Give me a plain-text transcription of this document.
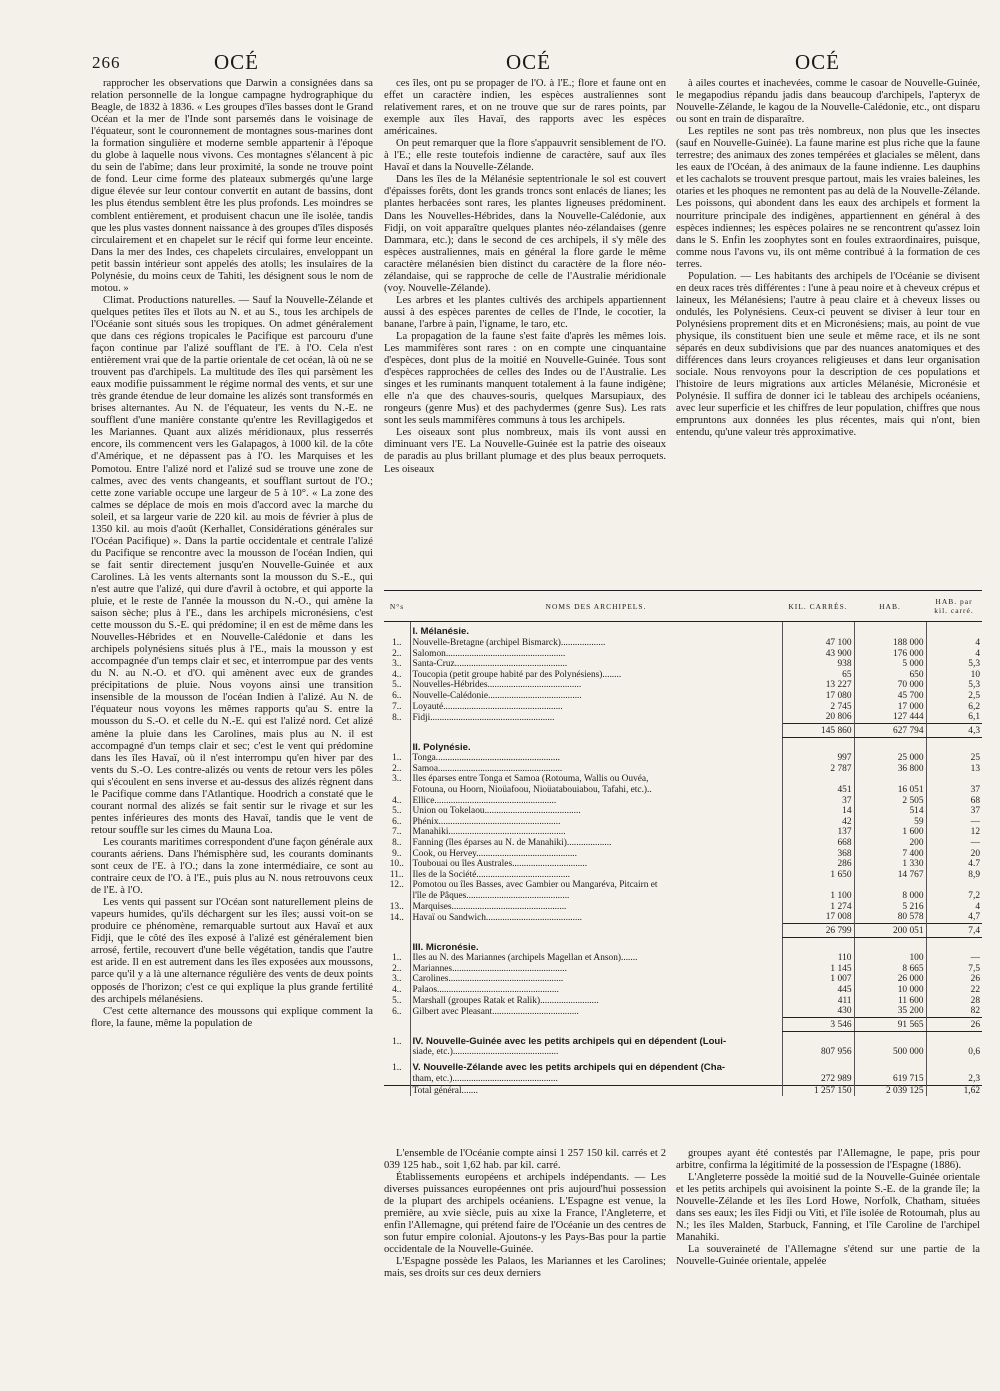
266	OCÉ	OCÉ	OCÉ

rapprocher les observations que Darwin a consignées dans sa relation personnelle de la longue campagne hydrographique du Beagle, de 1832 à 1836. « Les groupes d'îles basses dont le Grand Océan et la mer de l'Inde sont parsemés dans le voisinage de l'équateur, sont le couronnement de montagnes sous-marines dont la formation singulière et moderne semble appartenir à l'époque du globe à laquelle nous vivons. Ces montagnes s'élancent à pic du sein de l'abîme; dans leur proximité, la sonde ne trouve point de fond. Leur cime forme des plateaux submergés qu'une large digue élevée sur leur contour convertit en autant de bassins, dont les plus étendus semblent être les plus profonds. Les moindres se comblent entièrement, et produisent chacun une île isolée, tandis que les plus vastes donnent naissance à des groupes d'îles disposés circulairement et en chapelet sur le récif qui forme leur enceinte. Dans la mer des Indes, ces chapelets circulaires, enveloppant un petit bassin intérieur sont appelés des atolls; les insulaires de la Polynésie, du moins ceux de Tahiti, les désignent sous le nom de motou. »

Climat. Productions naturelles. — Sauf la Nouvelle-Zélande et quelques petites îles et îlots au N. et au S., tous les archipels de l'Océanie sont situés sous les tropiques. On admet généralement que dans ces régions tropicales le Pacifique est parcouru d'une façon continue par l'alizé soufflant de l'E. à l'O. Cela n'est entièrement vrai que de la partie orientale de cet océan, là où ne se trouvent pas d'archipels. La multitude des îles qui parsèment les eaux modifie puissamment le régime normal des vents, et sur une très grande étendue de leur domaine les alizés sont transformés en brises alternantes. Au N. de l'équateur, les vents du N.-E. ne soufflent d'une manière constante qu'entre les Revillagigedos et les Mariannes. Quant aux alizés méridionaux, plus resserrés encore, ils commencent vers les Galapagos, à 1000 kil. de la côte d'Amérique, et ne dépassent pas à l'O. les Marquises et les Pomotou. Entre l'alizé nord et l'alizé sud se trouve une zone de calmes, avec des vents changeants, et soufflant surtout de l'O.; cette zone variable occupe une largeur de 5 à 10°. « La zone des calmes se déplace de mois en mois d'accord avec la marche du soleil, et sa largeur varie de 220 kil. au mois de février à plus de 1350 kil. au mois d'août (Kerhallet, Considérations générales sur l'Océan Pacifique) ». Dans la partie occidentale et centrale l'alizé du Pacifique se rencontre avec la mousson de l'océan Indien, qui se fait sentir directement jusqu'en Nouvelle-Guinée et aux Carolines. Là les vents alternants sont la mousson du S.-E., qui n'est autre que l'alizé, qui dure d'avril à octobre, et qui apporte la pluie, et le reste de l'année la mousson du N.-O., qui amène la saison sèche; plus à l'E., dans les archipels micronésiens, c'est cette mousson du S.-E. qui prédomine; il en est de même dans les Nouvelles-Hébrides et en Nouvelle-Calédonie et dans les archipels polynésiens situés plus à l'E., mais la mousson y est accompagnée d'un temps clair et sec, et interrompue par des vents du N. au N.-O. et d'O. qui amènent avec eux de grandes précipitations de pluie. Nous voyons ainsi une transition insensible de la mousson de l'océan Indien à l'alizé. Au N. de l'équateur nous voyons les mêmes rapports qu'au S. entre la mousson du S.-O. et celle du N.-E. qui est l'alizé nord. Cet alizé amène la pluie dans les Carolines, mais plus au N. il est accompagné d'un temps clair et sec; c'est le vent qui prédomine dans les îles Havaï, où il n'est interrompu qu'en hiver par des vents du S.-O. Les contre-alizés ou vents de retour vers les pôles qui s'écoulent en sens inverse et au-dessus des alizés règnent dans le Pacifique comme dans l'Atlantique. Hoodrich a constaté que le courant normal des alizés se fait sentir sur le rivage et sur les pentes inférieures des monts des Havaï, tandis que le vent de retour souffle sur les cimes du Mauna Loa.

Les courants maritimes correspondent d'une façon générale aux courants aériens. Dans l'hémisphère sud, les courants dominants sont ceux de l'E. à l'O.; dans la zone intermédiaire, ce sont au contraire ceux de l'O. à l'E., puis plus au N. nous retrouvons ceux de l'E. à l'O.

Les vents qui passent sur l'Océan sont naturellement pleins de vapeurs humides, qu'ils déchargent sur les îles; aussi voit-on se produire ce phénomène, remarquable surtout aux Havaï et aux Fidji, que le côté des îles exposé à l'alizé est généralement bien arrosé, fertile, recouvert d'une belle végétation, tandis que l'autre est aride. Il en est autrement dans les îles exposées aux moussons, parce qu'il y a là une alternance régulière des vents de deux points opposés de l'horizon; c'est ce qui explique la plus grande fertilité des archipels mélanésiens.

C'est cette alternance des moussons qui explique comment la flore, la faune, même la population de

ces îles, ont pu se propager de l'O. à l'E.; flore et faune ont en effet un caractère indien, les espèces australiennes sont relativement rares, et on ne trouve que sur de rares points, par exemple aux îles Havaï, des rapports avec les espèces américaines.

On peut remarquer que la flore s'appauvrit sensiblement de l'O. à l'E.; elle reste toutefois indienne de caractère, sauf aux îles Havaï et dans la Nouvelle-Zélande.

Dans les îles de la Mélanésie septentrionale le sol est couvert d'épaisses forêts, dont les grands troncs sont enlacés de lianes; les plantes herbacées sont rares, les plantes ligneuses prédominent. Dans les Nouvelles-Hébrides, dans la Nouvelle-Calédonie, aux Fidji, on voit apparaître quelques plantes néo-zélandaises (genre Dammara, etc.); dans le second de ces archipels, il s'y mêle des espèces australiennes, mais en général la flore garde le même caractère mélanésien bien distinct du caractère de la flore néo-zélandaise, qui se rapproche de celle de l'Australie méridionale (voy. Nouvelle-Zélande).

Les arbres et les plantes cultivés des archipels appartiennent aussi à des espèces parentes de celles de l'Inde, le cocotier, la banane, l'arbre à pain, l'igname, le taro, etc.

La propagation de la faune s'est faite d'après les mêmes lois. Les mammifères sont rares : on en compte une cinquantaine d'espèces, dont plus de la moitié en Nouvelle-Guinée. Tous sont d'espèces rapprochées de celles des Indes ou de l'Australie. Les singes et les ruminants manquent totalement à la faune indigène; elle n'a que des chauves-souris, quelques Marsupiaux, des rongeurs (genre Mus) et des pachydermes (genre Sus). Les rats sont les seuls mammifères communs à tous les archipels.

Les oiseaux sont plus nombreux, mais ils vont aussi en diminuant vers l'E. La Nouvelle-Guinée est la patrie des oiseaux de paradis au plus brillant plumage et des plus beaux perroquets. Les oiseaux

à ailes courtes et inachevées, comme le casoar de Nouvelle-Guinée, le megapodius répandu jadis dans beaucoup d'archipels, l'apteryx de Nouvelle-Zélande, le kagou de la Nouvelle-Calédonie, etc., ont disparu ou sont en train de disparaître.

Les reptiles ne sont pas très nombreux, non plus que les insectes (sauf en Nouvelle-Guinée). La faune marine est plus riche que la faune terrestre; des animaux des zones tempérées et glaciales se mêlent, dans les eaux de l'Océan, à des animaux de la faune indienne. Les dauphins et les cachalots se trouvent presque partout, mais les vraies baleines, les otaries et les phoques ne remontent pas au delà de la Nouvelle-Zélande. Les poissons, qui abondent dans les eaux des archipels et forment la nourriture principale des indigènes, appartiennent en général à des espèces indiennes; les espèces polaires ne se rencontrent qu'assez loin dans le S. Enfin les zoophytes sont en foules extraordinaires, puisque, comme nous l'avons vu, ils ont même contribué à la formation de ces terres.

Population. — Les habitants des archipels de l'Océanie se divisent en deux races très différentes : l'une à peau noire et à cheveux crépus et laineux, les Mélanésiens; l'autre à peau claire et à cheveux lisses ou ondulés, les Polynésiens. Ceux-ci peuvent se diviser à leur tour en Polynésiens proprement dits et en Micronésiens; mais, au point de vue physique, ils constituent bien une seule et même race, et ils ne sont séparés en deux subdivisions que par des nuances anatomiques et des différences dans leurs croyances religieuses et dans leur organisation sociale. Nous renvoyons pour la description de ces populations et l'histoire de leurs migrations aux articles Mélanésie, Micronésie et Polynésie. Il suffira de donner ici le tableau des archipels océaniens, avec leur superficie et les chiffres de leur population, chiffres que nous empruntons aux données les plus récentes, mais qui n'ont, bien entendu, qu'une valeur très approximative.

N°s	NOMS DES ARCHIPELS.	KIL. CARRÉS.	HAB.	HAB. par kil. carré.
	I. Mélanésie.			
1..	Nouvelle-Bretagne (archipel Bismarck)...................	47 100	188 000	4
2..	Salomon...................................................	43 900	176 000	4
3..	Santa-Cruz................................................	938	5 000	5,3
4..	Toucopia (petit groupe habité par des Polynésiens)........	65	650	10
5..	Nouvelles-Hébrides........................................	13 227	70 000	5,3
6..	Nouvelle-Calédonie........................................	17 080	45 700	2,5
7..	Loyauté...................................................	2 745	17 000	6,2
8..	Fidji.....................................................	20 806	127 444	6,1
		145 860	627 794	4,3
	II. Polynésie.			
1..	Tonga.....................................................	997	25 000	25
2..	Samoa.....................................................	2 787	36 800	13
3..	Iles éparses entre Tonga et Samoa (Rotouma, Wallis ou Ouvéa,			
	Fotouna, ou Hoorn, Nioüafoou, Nioüatabouiabou, Tafahi, etc.)..	451	16 051	37
4..	Ellice....................................................	37	2 505	68
5..	Union ou Tokelaou.........................................	14	514	37
6..	Phénix....................................................	42	59	—
7..	Manahiki..................................................	137	1 600	12
8..	Fanning (îles éparses au N. de Manahiki)...................	668	200	—
9..	Cook, ou Hervey...........................................	368	7 400	20
10..	Toubouai ou îles Australes................................	286	1 330	4.7
11..	Iles de la Société........................................	1 650	14 767	8,9
12..	Pomotou ou îles Basses, avec Gambier ou Mangaréva, Pitcairn et			
	l'île de Pâques............................................	1 100	8 000	7,2
13..	Marquises.................................................	1 274	5 216	4
14..	Havaï ou Sandwich.........................................	17 008	80 578	4,7
		26 799	200 051	7,4
	III. Micronésie.			
1..	Iles au N. des Mariannes (archipels Magellan et Anson).......	110	100	—
2..	Mariannes.................................................	1 145	8 665	7,5
3..	Carolines.................................................	1 007	26 000	26
4..	Palaos....................................................	445	10 000	22
5..	Marshall (groupes Ratak et Ralik).........................	411	11 600	28
6..	Gilbert avec Pleasant.....................................	430	35 200	82
		3 546	91 565	26
1..	IV. Nouvelle-Guinée avec les petits archipels qui en dépendent (Loui-			
	siade, etc.).............................................	807 956	500 000	0,6
1..	V. Nouvelle-Zélande avec les petits archipels qui en dépendent (Cha-			
	tham, etc.).............................................	272 989	619 715	2,3
	Total général.......	1 257 150	2 039 125	1,62

L'ensemble de l'Océanie compte ainsi 1 257 150 kil. carrés et 2 039 125 hab., soit 1,62 hab. par kil. carré.

Établissements européens et archipels indépendants. — Les diverses puissances européennes ont pris aujourd'hui possession de la plupart des archipels océaniens. L'Espagne est venue, la première, au xvie siècle, puis au xixe la France, l'Angleterre, et enfin l'Allemagne, qui prétend faire de l'Océanie un des centres de son futur empire colonial. Ajoutons-y les Pays-Bas pour la partie occidentale de la Nouvelle-Guinée.

L'Espagne possède les Palaos, les Mariannes et les Carolines; mais, ses droits sur ces deux derniers

groupes ayant été contestés par l'Allemagne, le pape, pris pour arbitre, confirma la légitimité de la possession de l'Espagne (1886).

L'Angleterre possède la moitié sud de la Nouvelle-Guinée orientale et les petits archipels qui avoisinent la pointe S.-E. de la grande île; la Nouvelle-Zélande et les îles Lord Howe, Norfolk, Chatham, situées dans ses eaux; les îles Fidji ou Viti, et l'île isolée de Rotoumah, plus au N.; les îles Malden, Starbuck, Fanning, et l'île Caroline de l'archipel Manahiki.

La souveraineté de l'Allemagne s'étend sur une partie de la Nouvelle-Guinée orientale, appelée
